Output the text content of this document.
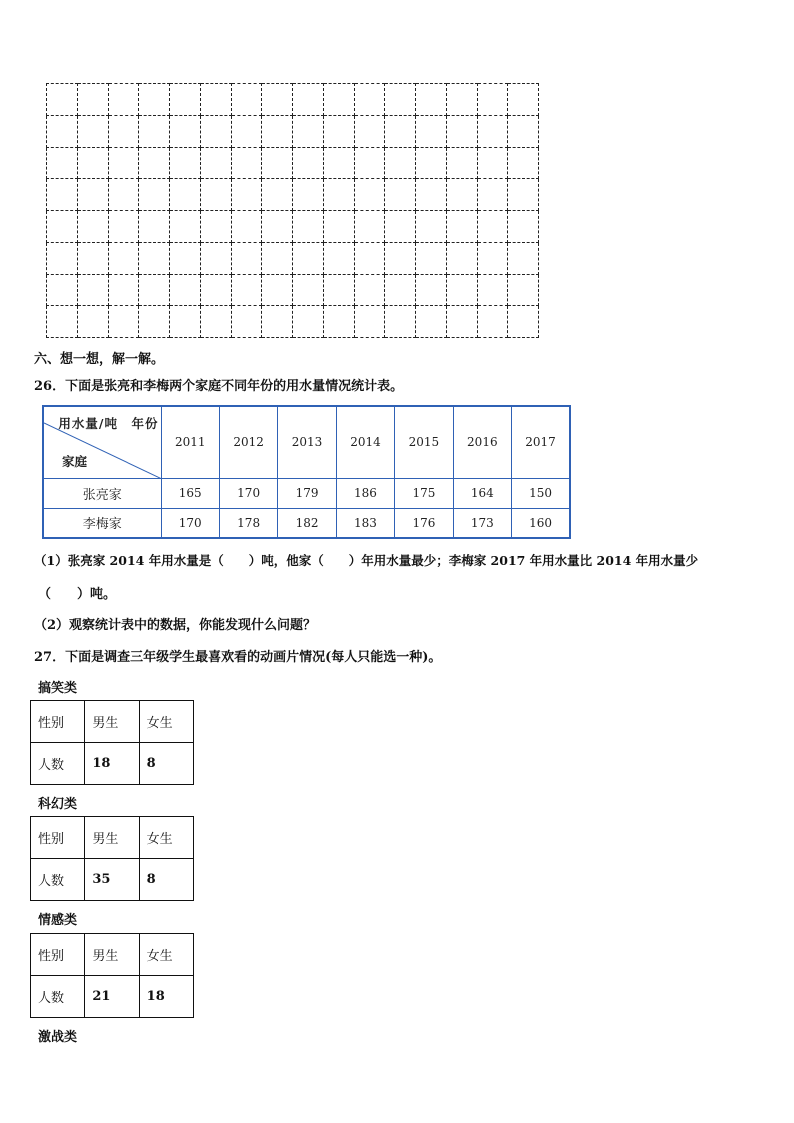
六、想一想，解一解。
26．下面是张亮和李梅两个家庭不同年份的用水量情况统计表。
用水量/吨　年份
家庭	2011	2012	2013	2014	2015	2016	2017
张亮家	165	170	179	186	175	164	150
李梅家	170	178	182	183	176	173	160
（1）张亮家 2014 年用水量是（　　）吨，他家（　　）年用水量最少；李梅家 2017 年用水量比 2014 年用水量少
（　　）吨。
（2）观察统计表中的数据，你能发现什么问题？
27．下面是调查三年级学生最喜欢看的动画片情况(每人只能选一种)。
搞笑类
性别	男生	女生
人数	18	8
科幻类
性别	男生	女生
人数	35	8
情感类
性别	男生	女生
人数	21	18
激战类
